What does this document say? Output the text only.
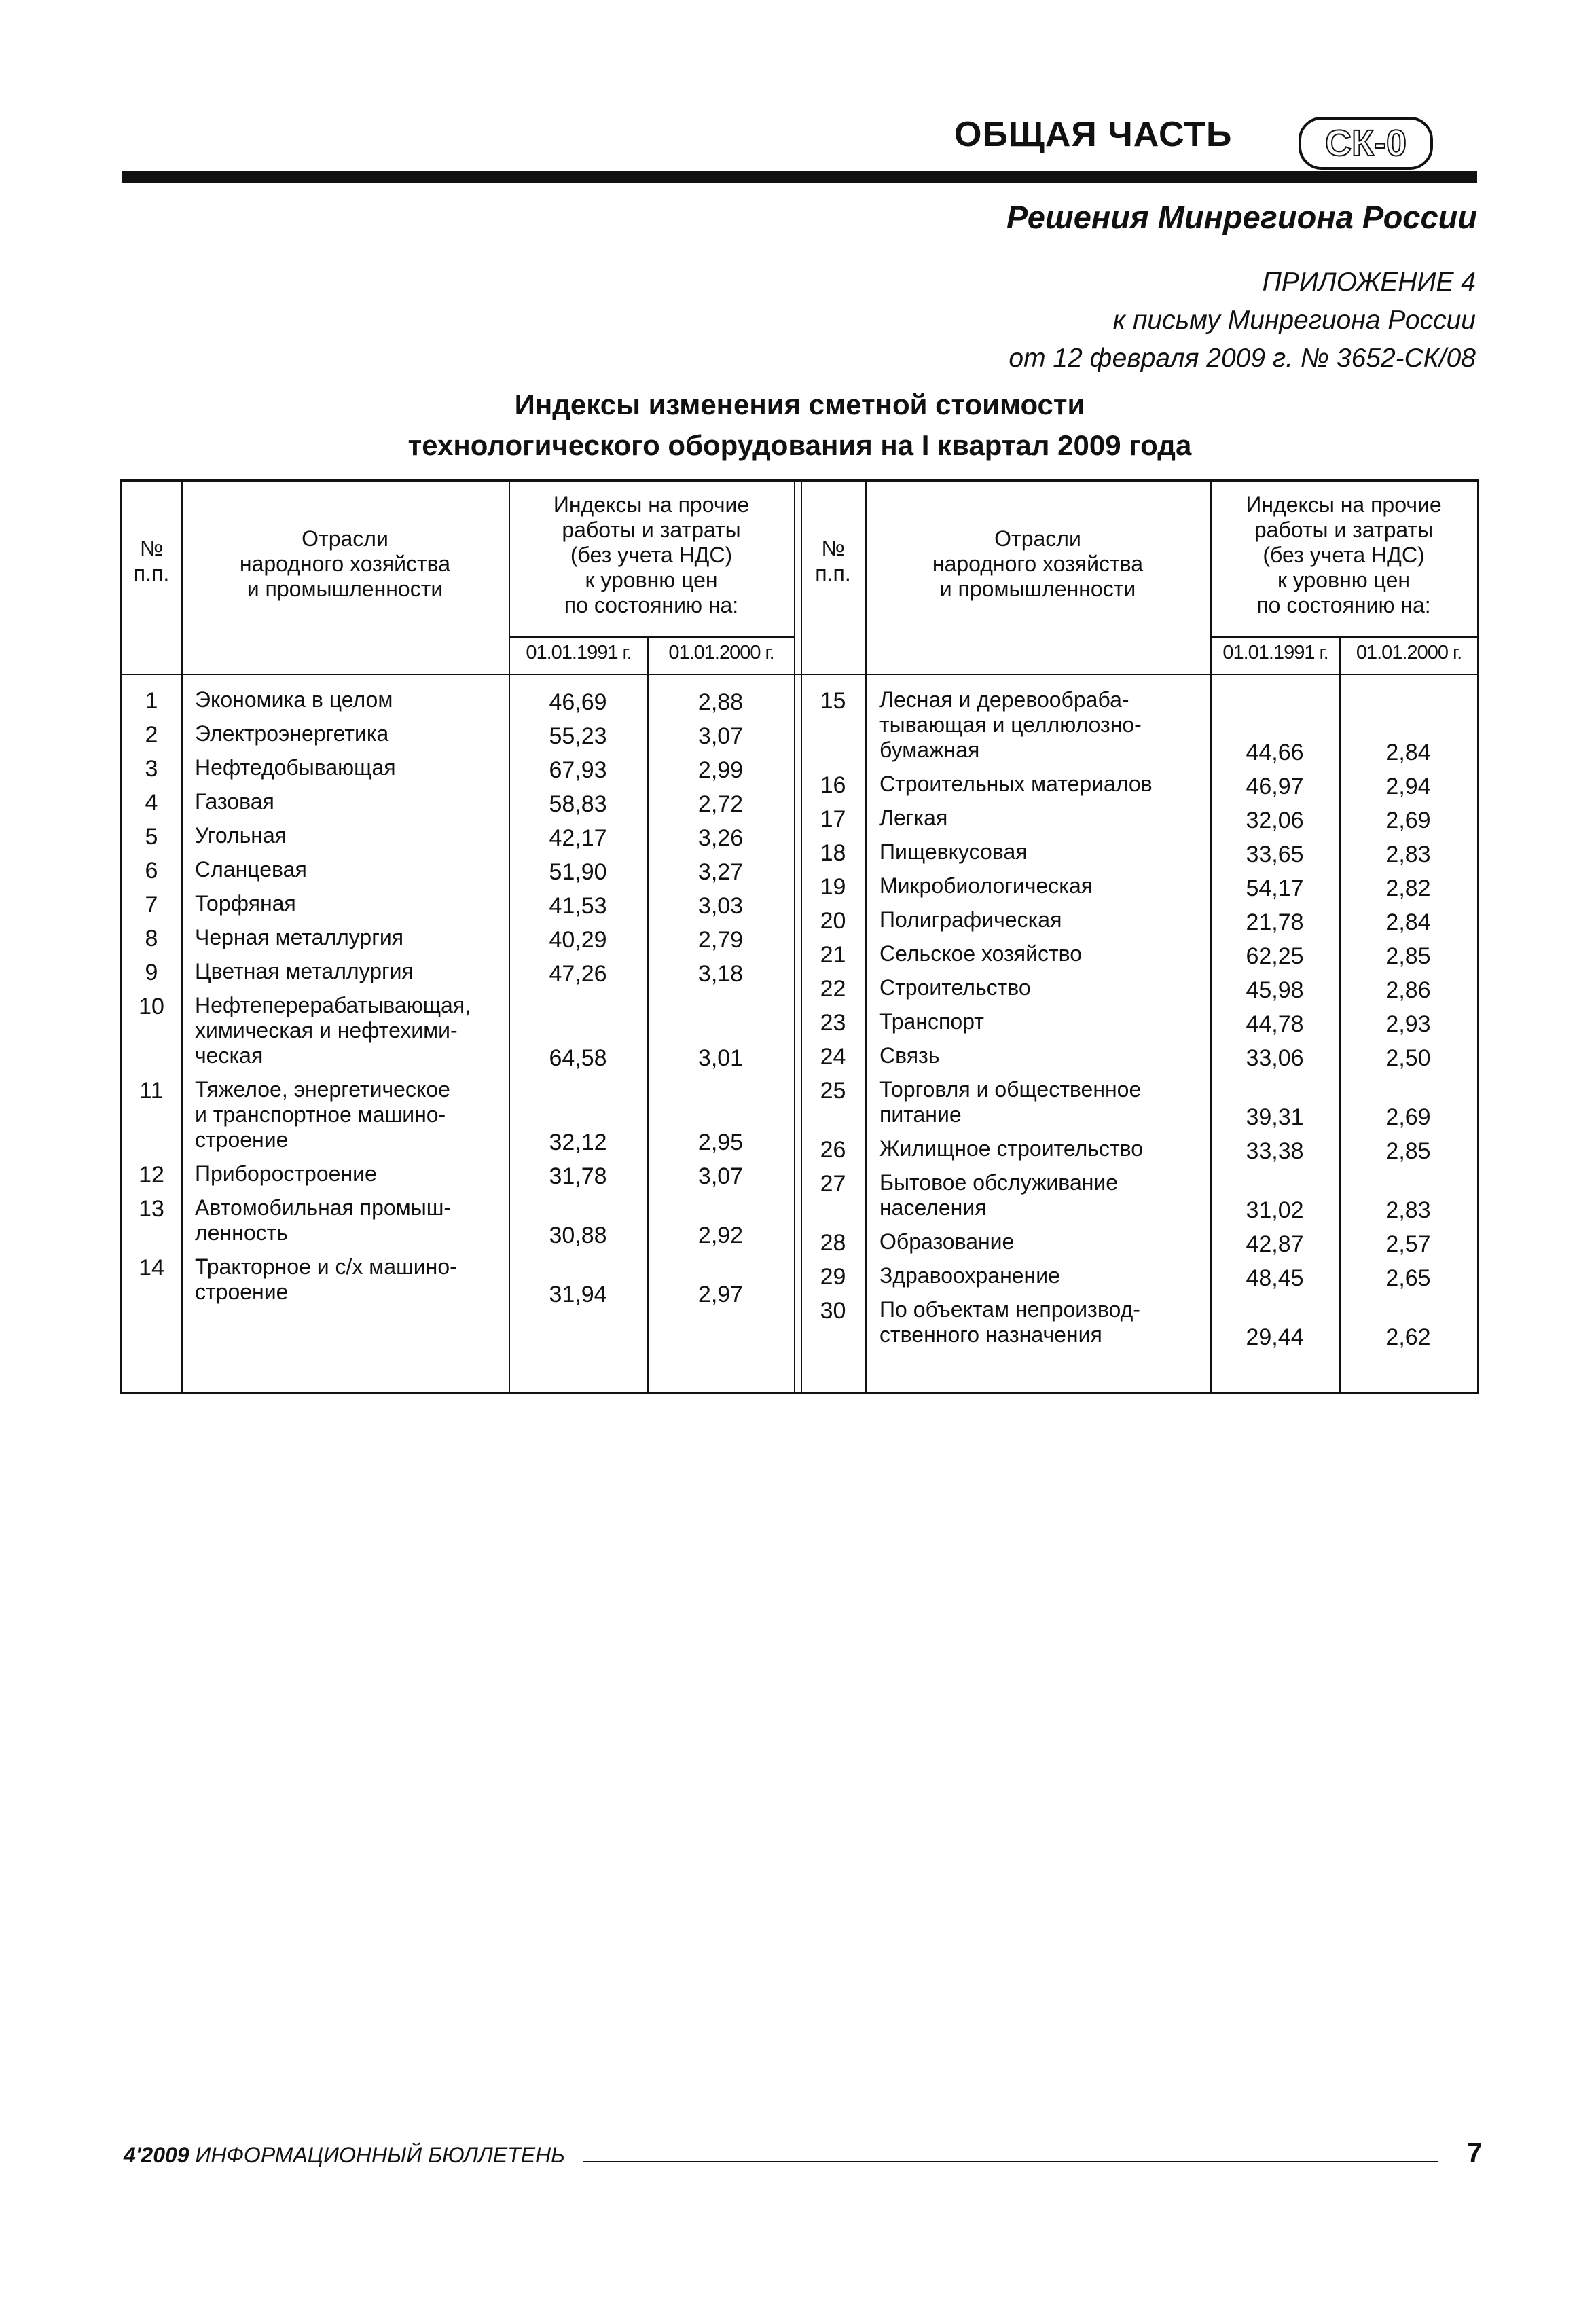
ОБЩАЯ ЧАСТЬ	СК-0
Решения Минрегиона России
ПРИЛОЖЕНИЕ 4
к письму Минрегиона России
от 12 февраля 2009 г. № 3652-СК/08
Индексы изменения сметной стоимости
технологического оборудования на I квартал 2009 года
№
п.п.
Отрасли
народного хозяйства
и промышленности
Индексы на прочие
работы и затраты
(без учета НДС)
к уровню цен
по состоянию на:
01.01.1991 г.	01.01.2000 г.
№
п.п.
Отрасли
народного хозяйства
и промышленности
Индексы на прочие
работы и затраты
(без учета НДС)
к уровню цен
по состоянию на:
01.01.1991 г.	01.01.2000 г.
1	Экономика в целом	46,69	2,88
2	Электроэнергетика	55,23	3,07
3	Нефтедобывающая	67,93	2,99
4	Газовая	58,83	2,72
5	Угольная	42,17	3,26
6	Сланцевая	51,90	3,27
7	Торфяная	41,53	3,03
8	Черная металлургия	40,29	2,79
9	Цветная металлургия	47,26	3,18
10	Нефтеперерабатывающая,
химическая и нефтехими-
ческая	64,58	3,01
11	Тяжелое, энергетическое
и транспортное машино-
строение	32,12	2,95
12	Приборостроение	31,78	3,07
13	Автомобильная промыш-
ленность	30,88	2,92
14	Тракторное и с/х машино-
строение	31,94	2,97
15	Лесная и деревообраба-
тывающая и целлюлозно-
бумажная	44,66	2,84
16	Строительных материалов	46,97	2,94
17	Легкая	32,06	2,69
18	Пищевкусовая	33,65	2,83
19	Микробиологическая	54,17	2,82
20	Полиграфическая	21,78	2,84
21	Сельское хозяйство	62,25	2,85
22	Строительство	45,98	2,86
23	Транспорт	44,78	2,93
24	Связь	33,06	2,50
25	Торговля и общественное
питание	39,31	2,69
26	Жилищное строительство	33,38	2,85
27	Бытовое обслуживание
населения	31,02	2,83
28	Образование	42,87	2,57
29	Здравоохранение	48,45	2,65
30	По объектам непроизвод-
ственного назначения	29,44	2,62
4'2009 ИНФОРМАЦИОННЫЙ БЮЛЛЕТЕНЬ	7
